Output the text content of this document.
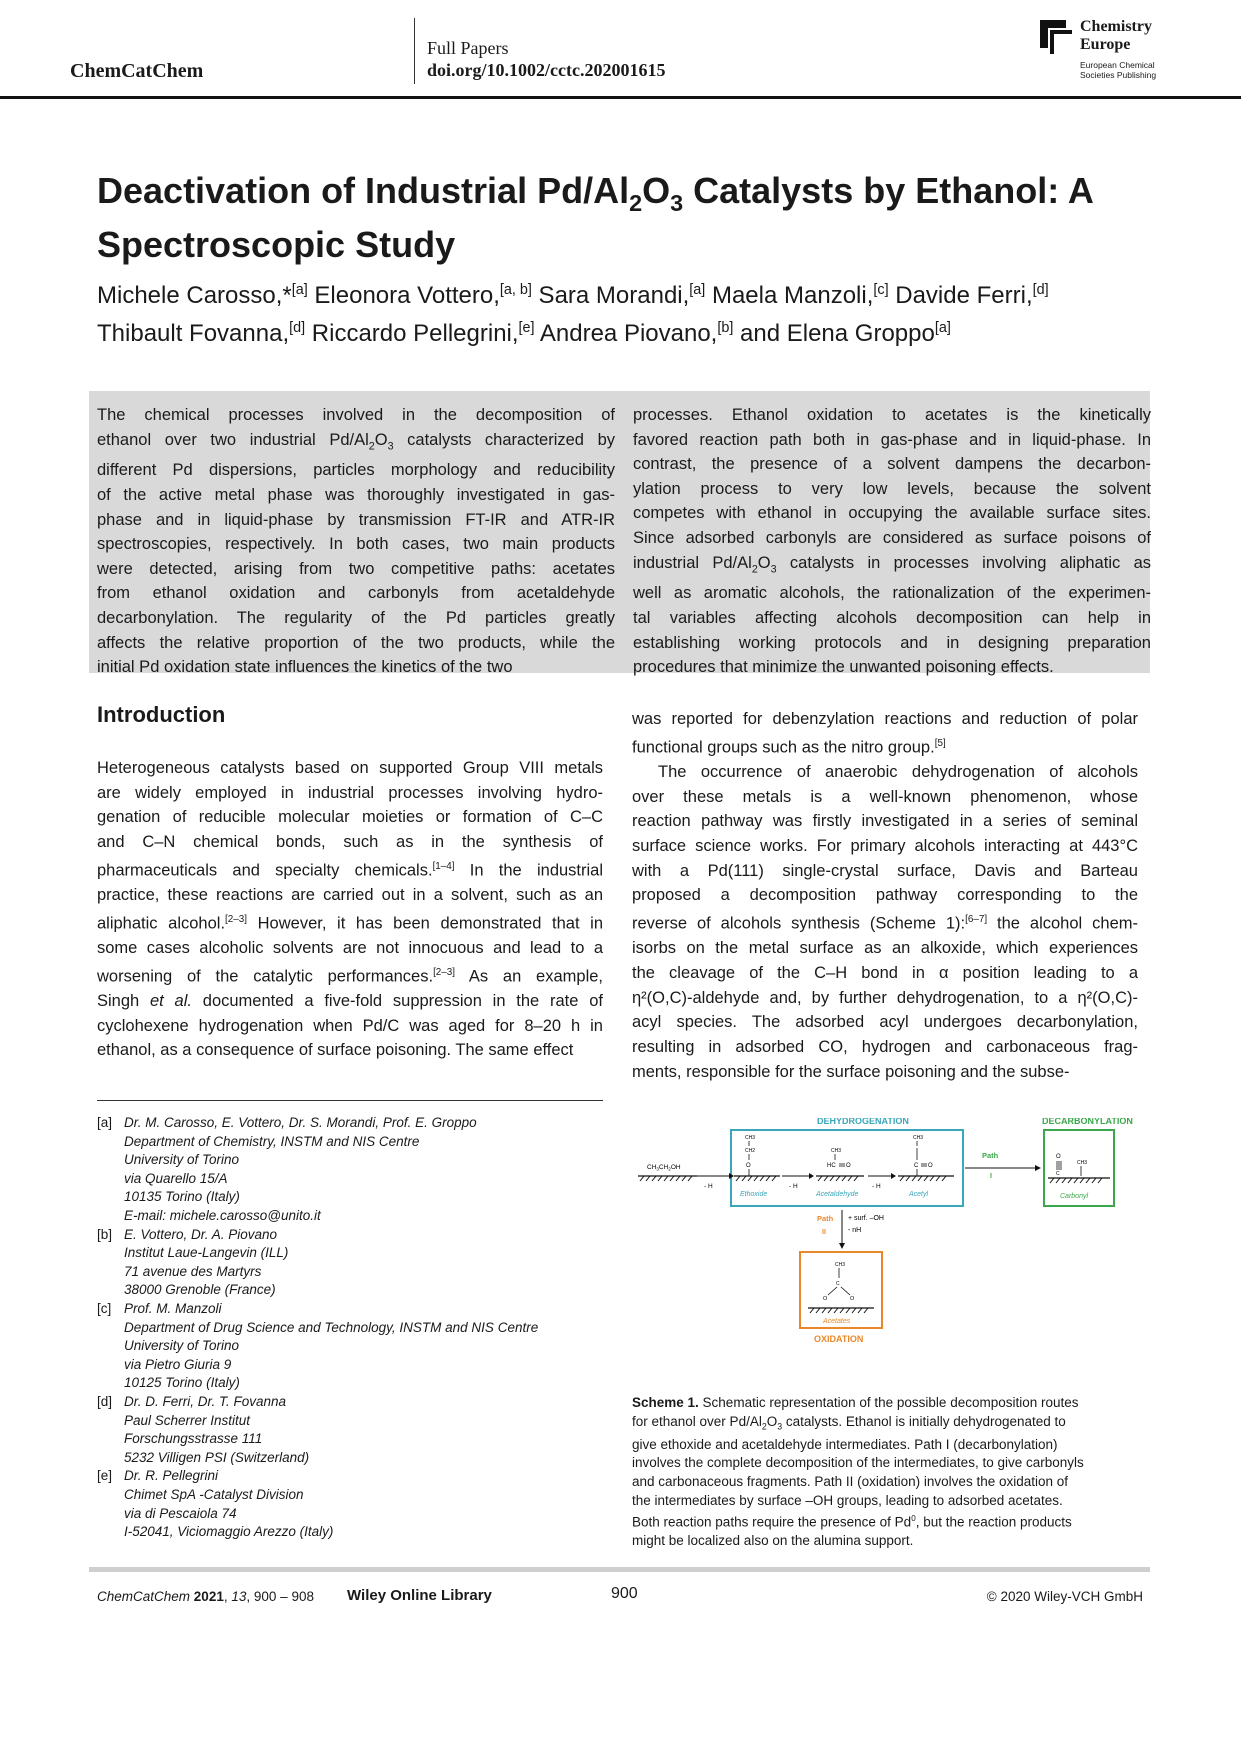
ChemCatChem
Full Papers
doi.org/10.1002/cctc.202001615
Chemistry
Europe
European Chemical
Societies Publishing
Deactivation of Industrial $Pd/Al_2O_3$ Catalysts by Ethanol: A
Spectroscopic Study
Michele Carosso,*[a] Eleonora Vottero,[a, b] Sara Morandi,[a] Maela Manzoli,[c] Davide Ferri,[d]
Thibault Fovanna,[d] Riccardo Pellegrini,[e] Andrea Piovano,[b] and Elena Groppo[a]
The chemical processes involved in the decomposition of
ethanol over two industrial $Pd/Al_2O_3$ catalysts characterized by
different Pd dispersions, particles morphology and reducibility
of the active metal phase was thoroughly investigated in gas-
phase and in liquid-phase by transmission FT-IR and ATR-IR
spectroscopies, respectively. In both cases, two main products
were detected, arising from two competitive paths: acetates
from ethanol oxidation and carbonyls from acetaldehyde
decarbonylation. The regularity of the Pd particles greatly
affects the relative proportion of the two products, while the
initial Pd oxidation state influences the kinetics of the two
processes. Ethanol oxidation to acetates is the kinetically
favored reaction path both in gas-phase and in liquid-phase. In
contrast, the presence of a solvent dampens the decarbon-
ylation process to very low levels, because the solvent
competes with ethanol in occupying the available surface sites.
Since adsorbed carbonyls are considered as surface poisons of
industrial $Pd/Al_2O_3$ catalysts in processes involving aliphatic as
well as aromatic alcohols, the rationalization of the experimen-
tal variables affecting alcohols decomposition can help in
establishing working protocols and in designing preparation
procedures that minimize the unwanted poisoning effects.
Introduction
Heterogeneous catalysts based on supported Group VIII metals
are widely employed in industrial processes involving hydro-
genation of reducible molecular moieties or formation of C–C
and C–N chemical bonds, such as in the synthesis of
pharmaceuticals and specialty chemicals.[1–4] In the industrial
practice, these reactions are carried out in a solvent, such as an
aliphatic alcohol.[2–3] However, it has been demonstrated that in
some cases alcoholic solvents are not innocuous and lead to a
worsening of the catalytic performances.[2–3] As an example,
Singh et al. documented a five-fold suppression in the rate of
cyclohexene hydrogenation when Pd/C was aged for 8–20 h in
ethanol, as a consequence of surface poisoning. The same effect
was reported for debenzylation reactions and reduction of polar
functional groups such as the nitro group.[5]
The occurrence of anaerobic dehydrogenation of alcohols
over these metals is a well-known phenomenon, whose
reaction pathway was firstly investigated in a series of seminal
surface science works. For primary alcohols interacting at 443°C
with a Pd(111) single-crystal surface, Davis and Barteau
proposed a decomposition pathway corresponding to the
reverse of alcohols synthesis (Scheme 1):[6–7] the alcohol chem-
isorbs on the metal surface as an alkoxide, which experiences
the cleavage of the C–H bond in α position leading to a
η²(O,C)-aldehyde and, by further dehydrogenation, to a η²(O,C)-
acyl species. The adsorbed acyl undergoes decarbonylation,
resulting in adsorbed CO, hydrogen and carbonaceous frag-
ments, responsible for the surface poisoning and the subse-
[a] Dr. M. Carosso, E. Vottero, Dr. S. Morandi, Prof. E. Groppo
Department of Chemistry, INSTM and NIS Centre
University of Torino
via Quarello 15/A
10135 Torino (Italy)
E-mail: michele.carosso@unito.it
[b] E. Vottero, Dr. A. Piovano
Institut Laue-Langevin (ILL)
71 avenue des Martyrs
38000 Grenoble (France)
[c] Prof. M. Manzoli
Department of Drug Science and Technology, INSTM and NIS Centre
University of Torino
via Pietro Giuria 9
10125 Torino (Italy)
[d] Dr. D. Ferri, Dr. T. Fovanna
Paul Scherrer Institut
Forschungsstrasse 111
5232 Villigen PSI (Switzerland)
[e] Dr. R. Pellegrini
Chimet SpA -Catalyst Division
via di Pescaiola 74
I-52041, Viciomaggio Arezzo (Italy)
DEHYDROGENATION	DECARBONYLATION
$CH_3CH_2OH$
- H
CH3
CH2
O
Ethoxide
- H
CH3
HC O
Acetaldehyde
- H
CH3
C O
Acetyl
Path
I
O
C
CH3
Carbonyl
Path
II
+ surf. –OH
- nH
CH3
C
O	O
Acetates
OXIDATION
Scheme 1. Schematic representation of the possible decomposition routes
for ethanol over $Pd/Al_2O_3$ catalysts. Ethanol is initially dehydrogenated to
give ethoxide and acetaldehyde intermediates. Path I (decarbonylation)
involves the complete decomposition of the intermediates, to give carbonyls
and carbonaceous fragments. Path II (oxidation) involves the oxidation of
the intermediates by surface –OH groups, leading to adsorbed acetates.
Both reaction paths require the presence of Pd$^0$, but the reaction products
might be localized also on the alumina support.
ChemCatChem 2021, 13, 900 – 908 Wiley Online Library	900	© 2020 Wiley-VCH GmbH
